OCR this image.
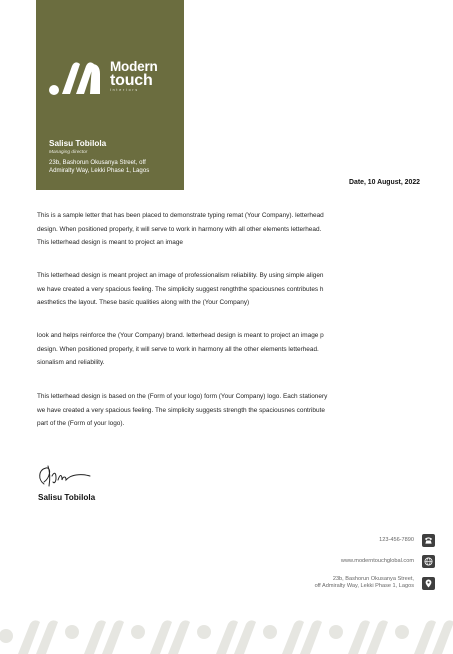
Modern
touch
interiors
Salisu Tobilola
Managing director
23b, Bashorun Okusanya Street, off
Admiralty Way, Lekki Phase 1, Lagos
Date, 10 August, 2022
This is a sample letter that has been placed to demonstrate typing remat (Your Company). letterhead
design. When positioned properly, it will serve to work in harmony with all other elements letterhead.
This letterhead design is meant to project an image
This letterhead design is meant project an image of professionalism reliability. By using simple aligen
we have created a very spacious feeling. The simplicity suggest rengththe spaciousnes contributes h
aesthetics the layout. These basic qualities along with the (Your Company)
look and helps reinforce the (Your Company) brand. letterhead design is meant to project an image p
design. When positioned properly, it will serve to work in harmony all the other elements letterhead.
sionalism and reliability.
This letterhead design is based on the (Form of your logo) form (Your Company) logo. Each stationery
we have created a very spacious feeling. The simplicity suggests strength the spaciousnes contribute
part of the (Form of your logo).
Salisu Tobilola
123-456-7890
www.moderntouchglobal.com
23b, Bashorun Okusanya Street,
off Admiralty Way, Lekki Phase 1, Lagos
